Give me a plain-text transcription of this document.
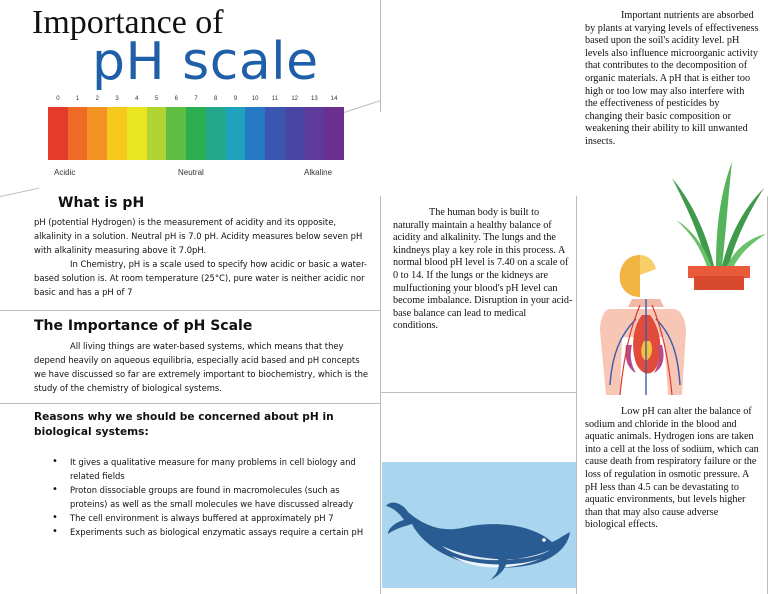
Importance of
pH scale
0	1	2	3	4	5	6	7	8	9 10 11 12 13 14
Acidic	Neutral	Alkaline
What is pH
pH (potential Hydrogen) is the measurement of acidity and its opposite, alkalinity in a solution. Neutral pH is 7.0 pH. Acidity measures below seven pH with alkalinity measuring above it 7.0pH.
In Chemistry, pH is a scale used to specify how acidic or basic a water-based solution is. At room temperature (25°C), pure water is neither acidic nor basic and has a pH of 7
The Importance of pH Scale
All living things are water-based systems, which means that they depend heavily on aqueous equilibria, especially acid based and pH concepts we have discussed so far are extremely important to biochemistry, which is the study of the chemistry of biological systems.
Reasons why we should be concerned about pH in biological systems:
• It gives a qualitative measure for many problems in cell biology and related fields
• Proton dissociable groups are found in macromolecules (such as proteins) as well as the small molecules we have discussed already
• The cell environment is always buffered at approximately pH 7
• Experiments such as biological enzymatic assays require a certain pH
The human body is built to naturally maintain a healthy balance of acidity and alkalinity. The lungs and the kindneys play a key role in this process. A normal blood pH level is 7.40 on a scale of 0 to 14. If the lungs or the kidneys are mulfuctioning your blood's pH level can become imbalance. Disruption in your acid-base balance can lead to medical conditions.
Important nutrients are absorbed by plants at varying levels of effectiveness based upon the soil's acidity level. pH levels also influence microorganic activity that contributes to the decomposition of organic materials. A pH that is either too high or too low may also interfere with the effectiveness of pesticides by changing their basic composition or weakening their ability to kill unwanted insects.
Low pH can alter the balance of sodium and chloride in the blood and aquatic animals. Hydrogen ions are taken into a cell at the loss of sodium, which can cause death from respiratory failure or the loss of regulation in osmotic pressure. A pH less than 4.5 can be devastating to aquatic environments, but levels higher than that may also cause adverse biological effects.
